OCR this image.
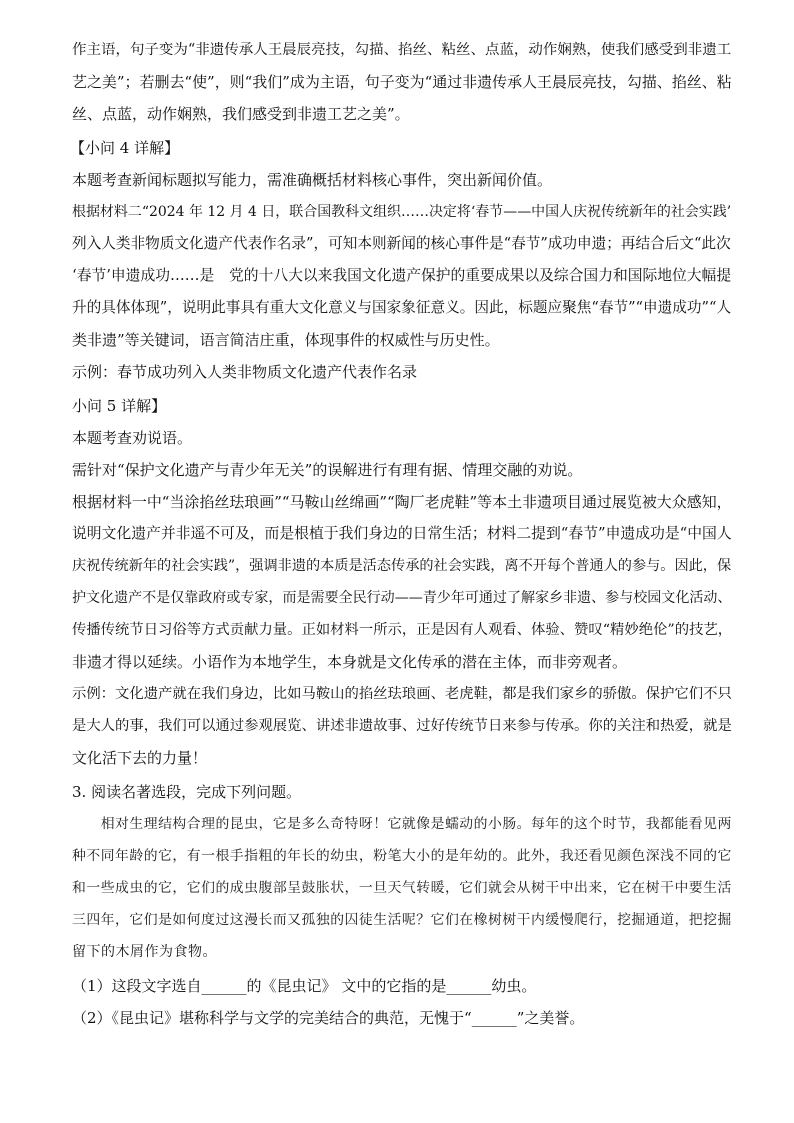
作主语，句子变为“非遗传承人王晨辰亮技，勾描、掐丝、粘丝、点蓝，动作娴熟，使我们感受到非遗工
艺之美”；若删去“使”，则“我们”成为主语，句子变为“通过非遗传承人王晨辰亮技，勾描、掐丝、粘
丝、点蓝，动作娴熟，我们感受到非遗工艺之美”。
【小问 4 详解】
本题考查新闻标题拟写能力，需准确概括材料核心事件，突出新闻价值。
根据材料二“2024 年 12 月 4 日，联合国教科文组织……决定将‘春节——中国人庆祝传统新年的社会实践’
列入人类非物质文化遗产代表作名录”，可知本则新闻的核心事件是“春节”成功申遗；再结合后文“此次
‘春节’申遗成功……是　党的十八大以来我国文化遗产保护的重要成果以及综合国力和国际地位大幅提
升的具体体现”，说明此事具有重大文化意义与国家象征意义。因此，标题应聚焦“春节”“申遗成功”“人
类非遗”等关键词，语言简洁庄重，体现事件的权威性与历史性。
示例：春节成功列入人类非物质文化遗产代表作名录
小问 5 详解】
本题考查劝说语。
需针对“保护文化遗产与青少年无关”的误解进行有理有据、情理交融的劝说。
根据材料一中“当涂掐丝珐琅画”“马鞍山丝绵画”“陶厂老虎鞋”等本土非遗项目通过展览被大众感知，
说明文化遗产并非遥不可及，而是根植于我们身边的日常生活；材料二提到“春节”申遗成功是“中国人
庆祝传统新年的社会实践”，强调非遗的本质是活态传承的社会实践，离不开每个普通人的参与。因此，保
护文化遗产不是仅靠政府或专家，而是需要全民行动——青少年可通过了解家乡非遗、参与校园文化活动、
传播传统节日习俗等方式贡献力量。正如材料一所示，正是因有人观看、体验、赞叹“精妙绝伦”的技艺，
非遗才得以延续。小语作为本地学生，本身就是文化传承的潜在主体，而非旁观者。
示例：文化遗产就在我们身边，比如马鞍山的掐丝珐琅画、老虎鞋，都是我们家乡的骄傲。保护它们不只
是大人的事，我们可以通过参观展览、讲述非遗故事、过好传统节日来参与传承。你的关注和热爱，就是
文化活下去的力量！
3. 阅读名著选段，完成下列问题。
　　相对生理结构合理的昆虫，它是多么奇特呀！它就像是蠕动的小肠。每年的这个时节，我都能看见两
种不同年龄的它，有一根手指粗的年长的幼虫，粉笔大小的是年幼的。此外，我还看见颜色深浅不同的它
和一些成虫的它，它们的成虫腹部呈鼓胀状，一旦天气转暖，它们就会从树干中出来，它在树干中要生活
三四年，它们是如何度过这漫长而又孤独的囚徒生活呢？它们在橡树树干内缓慢爬行，挖掘通道，把挖掘
留下的木屑作为食物。
（1）这段文字选自______的《昆虫记》 文中的它指的是______幼虫。
（2）《昆虫记》堪称科学与文学的完美结合的典范，无愧于“______”之美誉。
